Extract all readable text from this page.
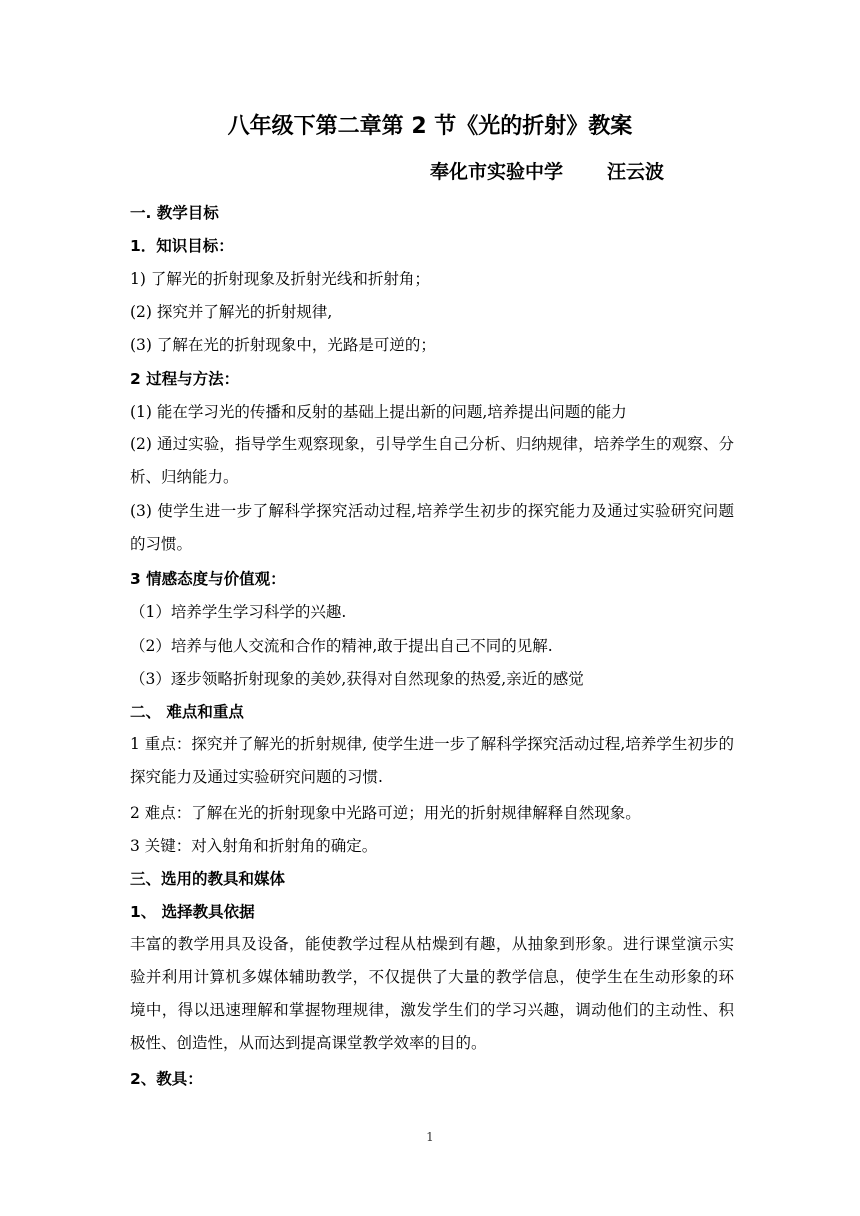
八年级下第二章第 2 节《光的折射》教案
奉化市实验中学 汪云波
一. 教学目标
1．知识目标：
1) 了解光的折射现象及折射光线和折射角；
(2) 探究并了解光的折射规律,
(3) 了解在光的折射现象中，光路是可逆的；
2 过程与方法：
(1) 能在学习光的传播和反射的基础上提出新的问题,培养提出问题的能力
(2) 通过实验，指导学生观察现象，引导学生自己分析、归纳规律，培养学生的观察、分析、归纳能力。
(3) 使学生进一步了解科学探究活动过程,培养学生初步的探究能力及通过实验研究问题的习惯。
3 情感态度与价值观：
（1）培养学生学习科学的兴趣.
（2）培养与他人交流和合作的精神,敢于提出自己不同的见解.
（3）逐步领略折射现象的美妙,获得对自然现象的热爱,亲近的感觉
二、 难点和重点
1 重点：探究并了解光的折射规律, 使学生进一步了解科学探究活动过程,培养学生初步的探究能力及通过实验研究问题的习惯.
2 难点：了解在光的折射现象中光路可逆；用光的折射规律解释自然现象。
3 关键：对入射角和折射角的确定。
三、选用的教具和媒体
1、 选择教具依据
丰富的教学用具及设备，能使教学过程从枯燥到有趣，从抽象到形象。进行课堂演示实验并利用计算机多媒体辅助教学，不仅提供了大量的教学信息，使学生在生动形象的环境中，得以迅速理解和掌握物理规律，激发学生们的学习兴趣，调动他们的主动性、积极性、创造性，从而达到提高课堂教学效率的目的。
2、教具：
1
